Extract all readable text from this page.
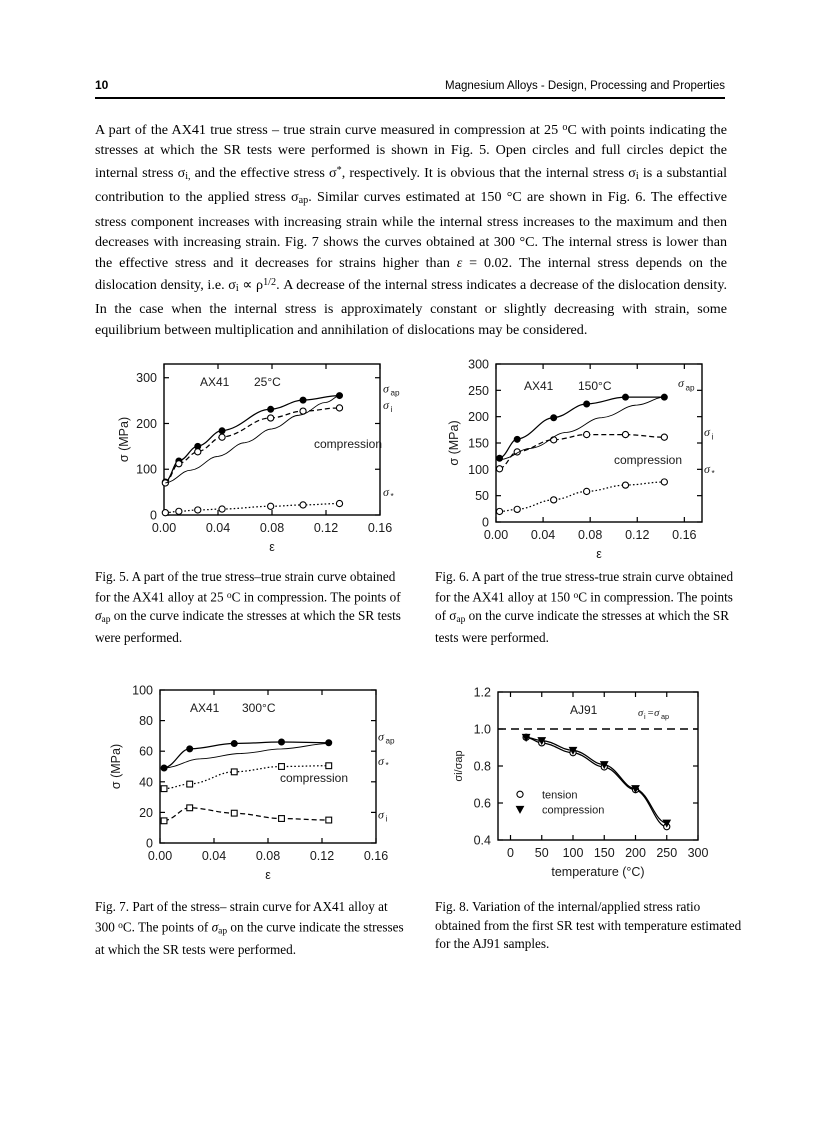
10	Magnesium Alloys - Design, Processing and Properties
A part of the AX41 true stress – true strain curve measured in compression at 25 $^o$C with points indicating the stresses at which the SR tests were performed is shown in Fig. 5. Open circles and full circles depict the internal stress $\sigma_{i,}$ and the effective stress σ*, respectively. It is obvious that the internal stress $\sigma_i$ is a substantial contribution to the applied stress $\sigma_{ap}$. Similar curves estimated at 150 °C are shown in Fig. 6. The effective stress component increases with increasing strain while the internal stress increases to the maximum and then decreases with increasing strain. Fig. 7 shows the curves obtained at 300 °C. The internal stress is lower than the effective stress and it decreases for strains higher than ε = 0.02. The internal stress depends on the dislocation density, i.e. $\sigma_i \propto \rho^{1/2}$. A decrease of the internal stress indicates a decrease of the dislocation density. In the case when the internal stress is approximately constant or slightly decreasing with strain, some equilibrium between multiplication and annihilation of dislocations may be considered.
0.00 0.04 0.08 0.12 0.16
0
100
200
300
ε
σ (MPa)
AX41 25°C
compression
σ ap
σ i
σ *
Fig. 5. A part of the true stress–true strain curve obtained for the AX41 alloy at 25 $^o$C in compression. The points of $\sigma_{ap}$ on the curve indicate the stresses at which the SR tests were performed.
0.00 0.04 0.08 0.12 0.16
0
50
100
150
200
250
300
ε
σ (MPa)
AX41 150°C
compression
σ ap
σ i
σ *
Fig. 6. A part of the true stress-true strain curve obtained for the AX41 alloy at 150 $^o$C in compression. The points of $\sigma_{ap}$ on the curve indicate the stresses at which the SR tests were performed.
0.00 0.04 0.08 0.12 0.16
0
20
40
60
80
100
ε
σ (MPa)
AX41 300°C
compression
σ ap
σ *
σ i
Fig. 7. Part of the stress– strain curve for AX41 alloy at 300 $^o$C. The points of $\sigma_{ap}$ on the curve indicate the stresses at which the SR tests were performed.
0 50 100 150 200 250 300
0.4
0.6
0.8
1.0
1.2
temperature (°C)
σi/σap
AJ91	σ i =σ ap
tension
compression
Fig. 8. Variation of the internal/applied stress ratio obtained from the first SR test with temperature estimated for the AJ91 samples.
